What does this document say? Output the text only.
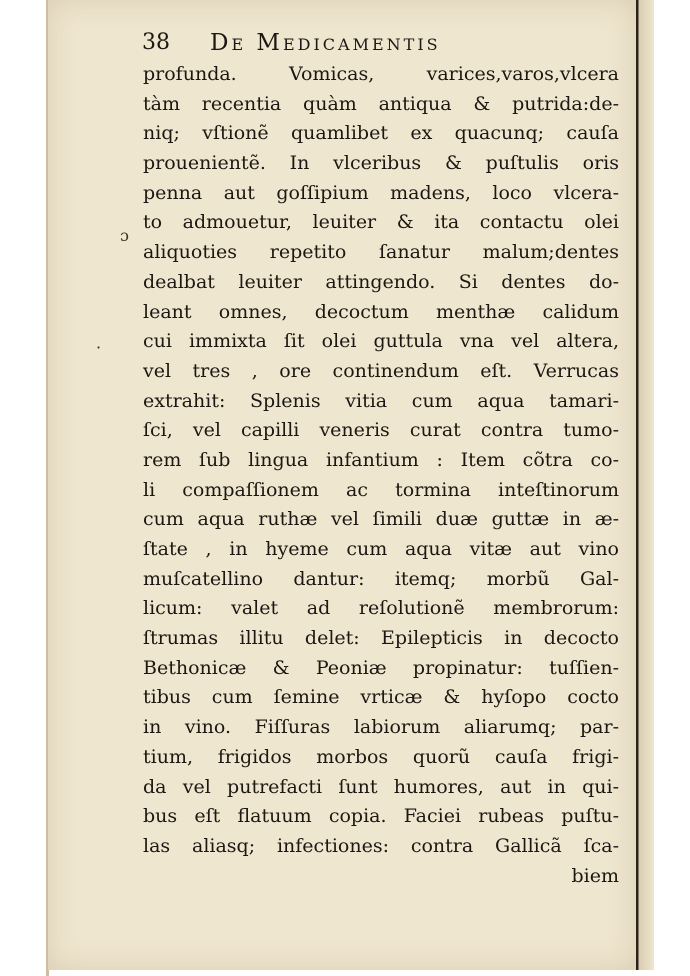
38 De Medicamentis
ɔ
·
profunda. Vomicas, varices,varos,vlcera
tàm recentia quàm antiqua & putrida:de-
niq; vſtionẽ quamlibet ex quacunq; cauſa
prouenientẽ. In vlceribus & puſtulis oris
penna aut goſſipium madens, loco vlcera-
to admouetur, leuiter & ita contactu olei
aliquoties repetito ſanatur malum;dentes
dealbat leuiter attingendo. Si dentes do-
leant omnes, decoctum menthæ calidum
cui immixta ſit olei guttula vna vel altera,
vel tres , ore continendum eſt. Verrucas
extrahit: Splenis vitia cum aqua tamari-
ſci, vel capilli veneris curat contra tumo-
rem ſub lingua infantium : Item cõtra co-
li compaſſionem ac tormina inteſtinorum
cum aqua ruthæ vel ſimili duæ guttæ in æ-
ſtate , in hyeme cum aqua vitæ aut vino
muſcatellino dantur: itemq; morbũ Gal-
licum: valet ad reſolutionẽ membrorum:
ſtrumas illitu delet: Epilepticis in decocto
Bethonicæ & Peoniæ propinatur: tuſſien-
tibus cum ſemine vrticæ & hyſopo cocto
in vino. Fiſſuras labiorum aliarumq; par-
tium, frigidos morbos quorũ cauſa frigi-
da vel putrefacti ſunt humores, aut in qui-
bus eſt flatuum copia. Faciei rubeas puſtu-
las aliasq; infectiones: contra Gallicã ſca-
biem
